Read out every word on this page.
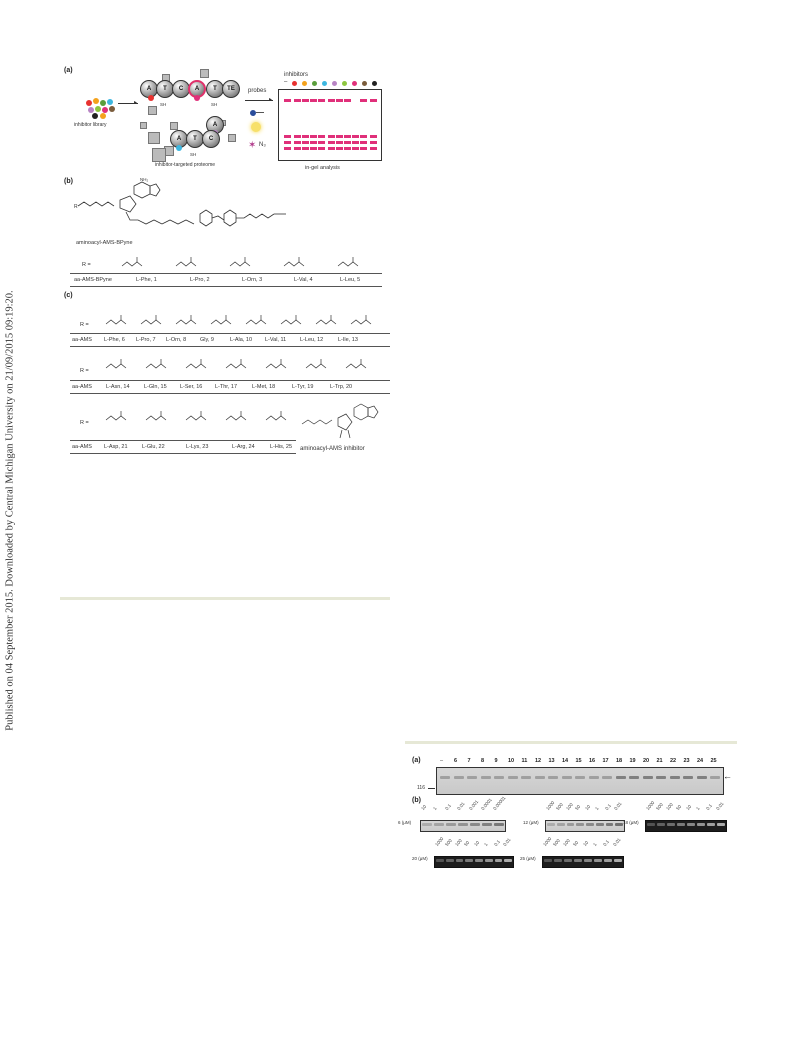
Published on 04 September 2015. Downloaded by Central Michigan University on 21/09/2015 09:19:20.
(a)
inhibitor library
▸
A	T	C	A	T	TE
SH	SH
A
A	T	C
SH
inhibitor-targeted proteome
probes
▸
✶ N₃
inhibitors
–
in-gel analysis
(b)
R
NH₂
aminoacyl-AMS-BPyne
R =
aa-AMS-BPyne	L-Phe, 1	L-Pro, 2	L-Orn, 3	L-Val, 4	L-Leu, 5
(c)
R =
aa-AMS L-Phe, 6 L-Pro, 7 L-Orn, 8	Gly, 9	L-Ala, 10 L-Val, 11	L-Leu, 12	L-Ile, 13
R =
aa-AMS	L-Asn, 14	L-Gln, 15 L-Ser, 16 L-Thr, 17	L-Met, 18	L-Tyr, 19	L-Trp, 20
R =
aa-AMS L-Asp, 21	L-Glu, 22	L-Lys, 23	L-Arg, 24	L-His, 25 aminoacyl-AMS inhibitor
(a)	– 6 7 8 9 10 11 12 13 14 15 16 17 18 19 20 21 22 23 24 25
116
←
(b)
6 (μM)
10 1 0.1 0.01 0.001 0.0001 0.00001
12 (μM)
1000 500 100 50 10 1 0.1 0.01
18 (μM)
1000 500 100 50 10 1 0.1 0.01
20 (μM)
1000 500 100 50 10 1 0.1 0.01
25 (μM)
1000 500 100 50 10 1 0.1 0.01
